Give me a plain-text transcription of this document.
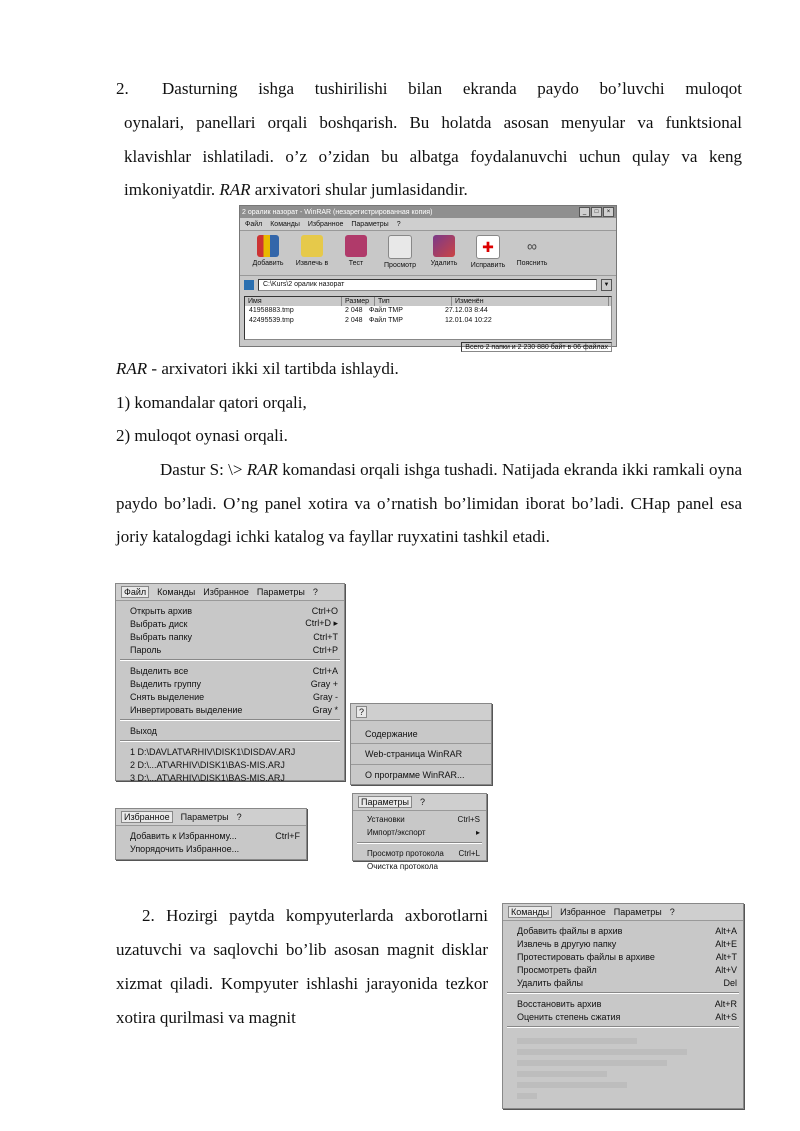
2. Dasturning ishga tushirilishi bilan ekranda paydo bo’luvchi muloqot
oynalari, panellari orqali boshqarish. Bu holatda asosan menyular va funktsional klavishlar ishlatiladi. o’z o’zidan bu albatga foydalanuvchi uchun qulay va keng imkoniyatdir. RAR arxivatori shular jumlasidandir.
2 оралик назорат - WinRAR (незарегистрированная копия)	_ □ ×
Файл Команды Избранное Параметры ?
Добавить Извлечь в	Тест	Просмотр Удалить
✚
Исправить
∞
Пояснить
C:\Kurs\2 оралик назорат	▼
Имя	Размер	Тип	Изменён
41958883.tmp	2 048 Файл TMP	27.12.03 8:44
42495539.tmp	2 048 Файл TMP	12.01.04 10:22
Всего 2 папки и 2 230 880 байт в 06 файлах
RAR - arxivatori ikki xil tartibda ishlaydi.
1) komandalar qatori orqali,
2) muloqot oynasi orqali.
Dastur S: \> RAR komandasi orqali ishga tushadi. Natijada ekranda ikki ramkali oyna paydo bo’ladi. O’ng panel xotira va o’rnatish bo’limidan iborat bo’ladi. CHap panel esa joriy katalogdagi ichki katalog va fayllar ruyxatini tashkil etadi.
Файл	Команды Избранное Параметры ?
Открыть архив	Ctrl+O
Выбрать диск	Ctrl+D ▸
Выбрать папку	Ctrl+T
Пароль	Ctrl+P
Выделить все	Ctrl+A
Выделить группу	Gray +
Снять выделение	Gray -
Инвертировать выделение	Gray *
Выход
1 D:\DAVLAT\ARHIV\DISK1\DISDAV.ARJ
2 D:\...AT\ARHIV\DISK1\BAS-MIS.ARJ
3 D:\...AT\ARHIV\DISK1\BAS-MIS.ARJ
?
Содержание
Web-страница WinRAR
О программе WinRAR...
Избранное	Параметры ?
Добавить к Избранному...	Ctrl+F
Упорядочить Избранное...
Параметры	?
Установки	Ctrl+S
Импорт/экспорт	▸
Просмотр протокола Ctrl+L
Очистка протокола
2. Hozirgi paytda kompyuterlarda axborotlarni uzatuvchi va saqlovchi bo’lib asosan magnit disklar xizmat qiladi. Kompyuter ishlashi jarayonida tezkor xotira qurilmasi va magnit
Команды	Избранное Параметры ?
Добавить файлы в архив	Alt+A
Извлечь в другую папку	Alt+E
Протестировать файлы в архиве	Alt+T
Просмотреть файл	Alt+V
Удалить файлы	Del
Восстановить архив	Alt+R
Оценить степень сжатия	Alt+S
